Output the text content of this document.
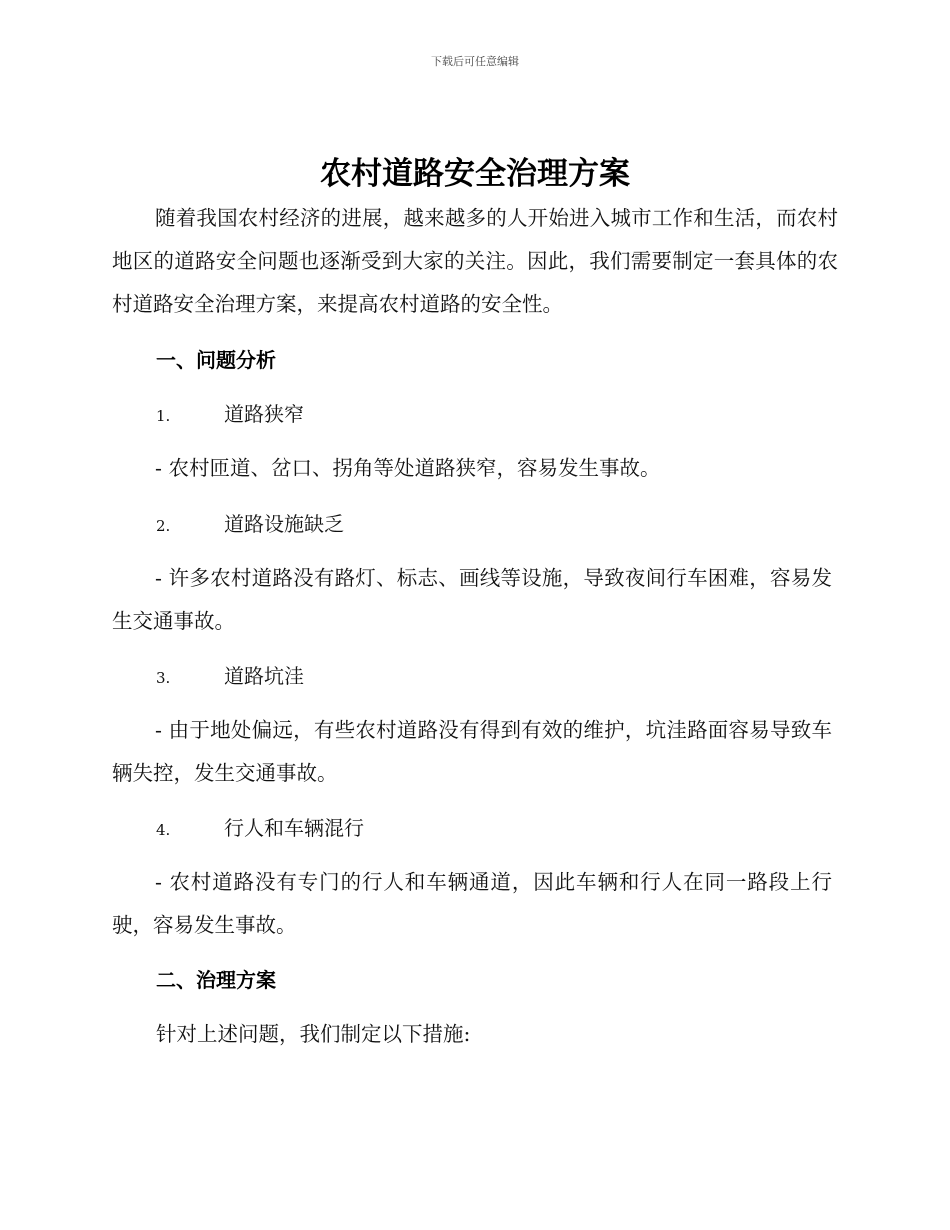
下载后可任意编辑
农村道路安全治理方案

随着我国农村经济的进展，越来越多的人开始进入城市工作和生活，而农村地区的道路安全问题也逐渐受到大家的关注。因此，我们需要制定一套具体的农村道路安全治理方案，来提高农村道路的安全性。

一、问题分析
1.	道路狭窄

- 农村匝道、岔口、拐角等处道路狭窄，容易发生事故。

2.	道路设施缺乏

- 许多农村道路没有路灯、标志、画线等设施，导致夜间行车困难，容易发生交通事故。

3.	道路坑洼

- 由于地处偏远，有些农村道路没有得到有效的维护，坑洼路面容易导致车辆失控，发生交通事故。

4.	行人和车辆混行

- 农村道路没有专门的行人和车辆通道，因此车辆和行人在同一路段上行驶，容易发生事故。

二、治理方案

针对上述问题，我们制定以下措施:
